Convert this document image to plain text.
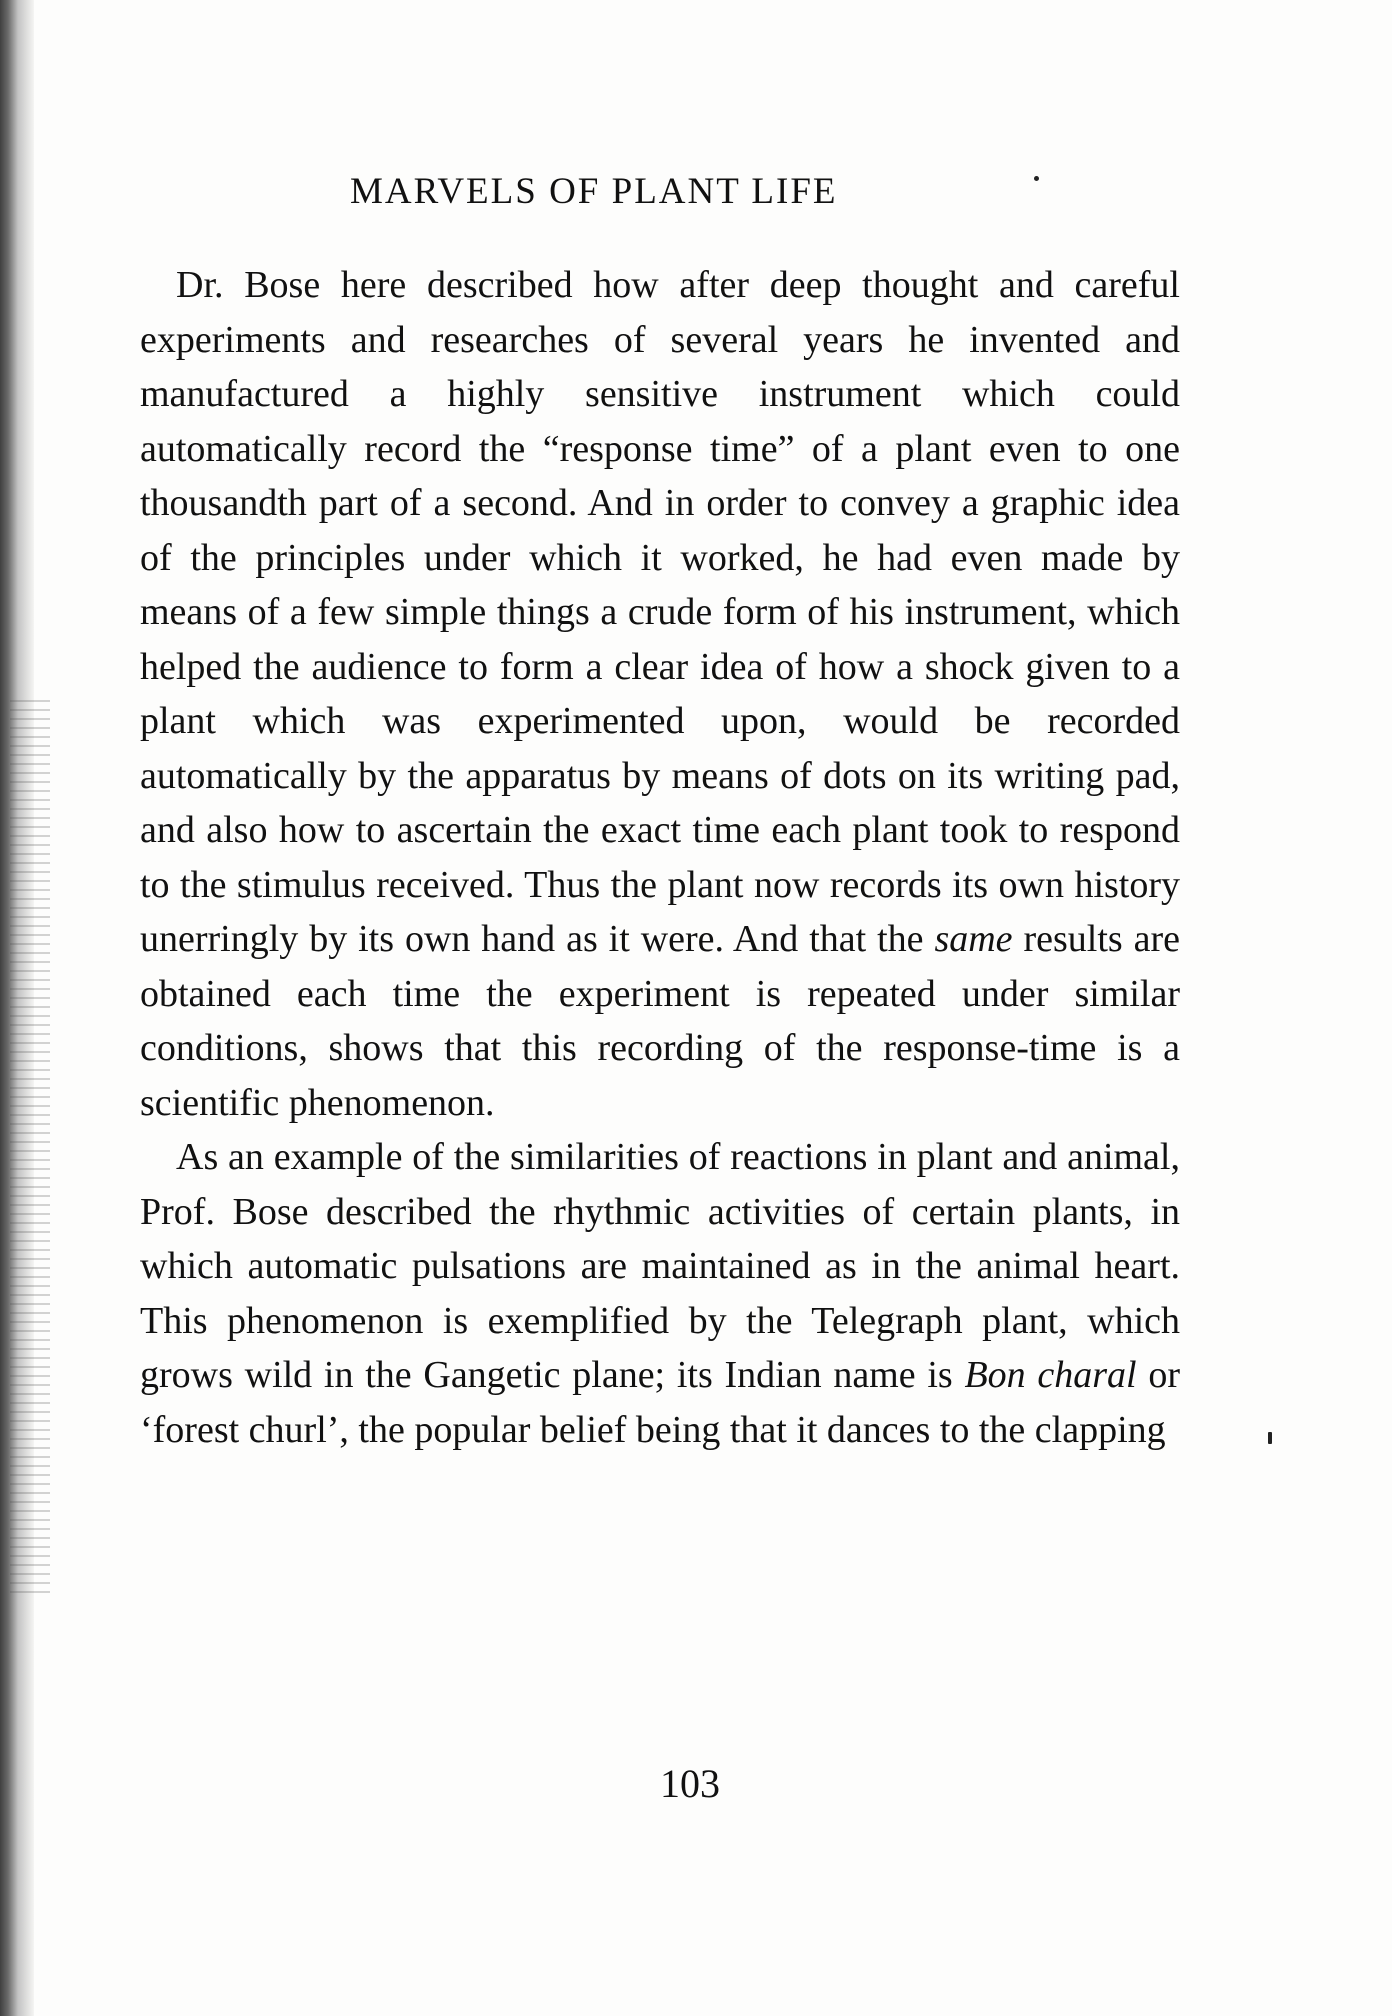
MARVELS OF PLANT LIFE

Dr. Bose here described how after deep thought and careful experiments and researches of several years he invented and manufactured a highly sensitive instrument which could automatically record the “response time” of a plant even to one thousandth part of a second. And in order to convey a graphic idea of the principles under which it worked, he had even made by means of a few simple things a crude form of his instrument, which helped the audience to form a clear idea of how a shock given to a plant which was experimented upon, would be recorded automatically by the apparatus by means of dots on its writing pad, and also how to ascertain the exact time each plant took to respond to the stimulus received. Thus the plant now records its own history unerringly by its own hand as it were. And that the same results are obtained each time the experiment is repeated under similar conditions, shows that this recording of the response-time is a scientific phenomenon.

As an example of the similarities of reactions in plant and animal, Prof. Bose described the rhythmic activities of certain plants, in which automatic pulsations are maintained as in the animal heart. This phenomenon is exemplified by the Telegraph plant, which grows wild in the Gangetic plane; its Indian name is Bon charal or ‘forest churl’, the popular belief being that it dances to the clapping

103
